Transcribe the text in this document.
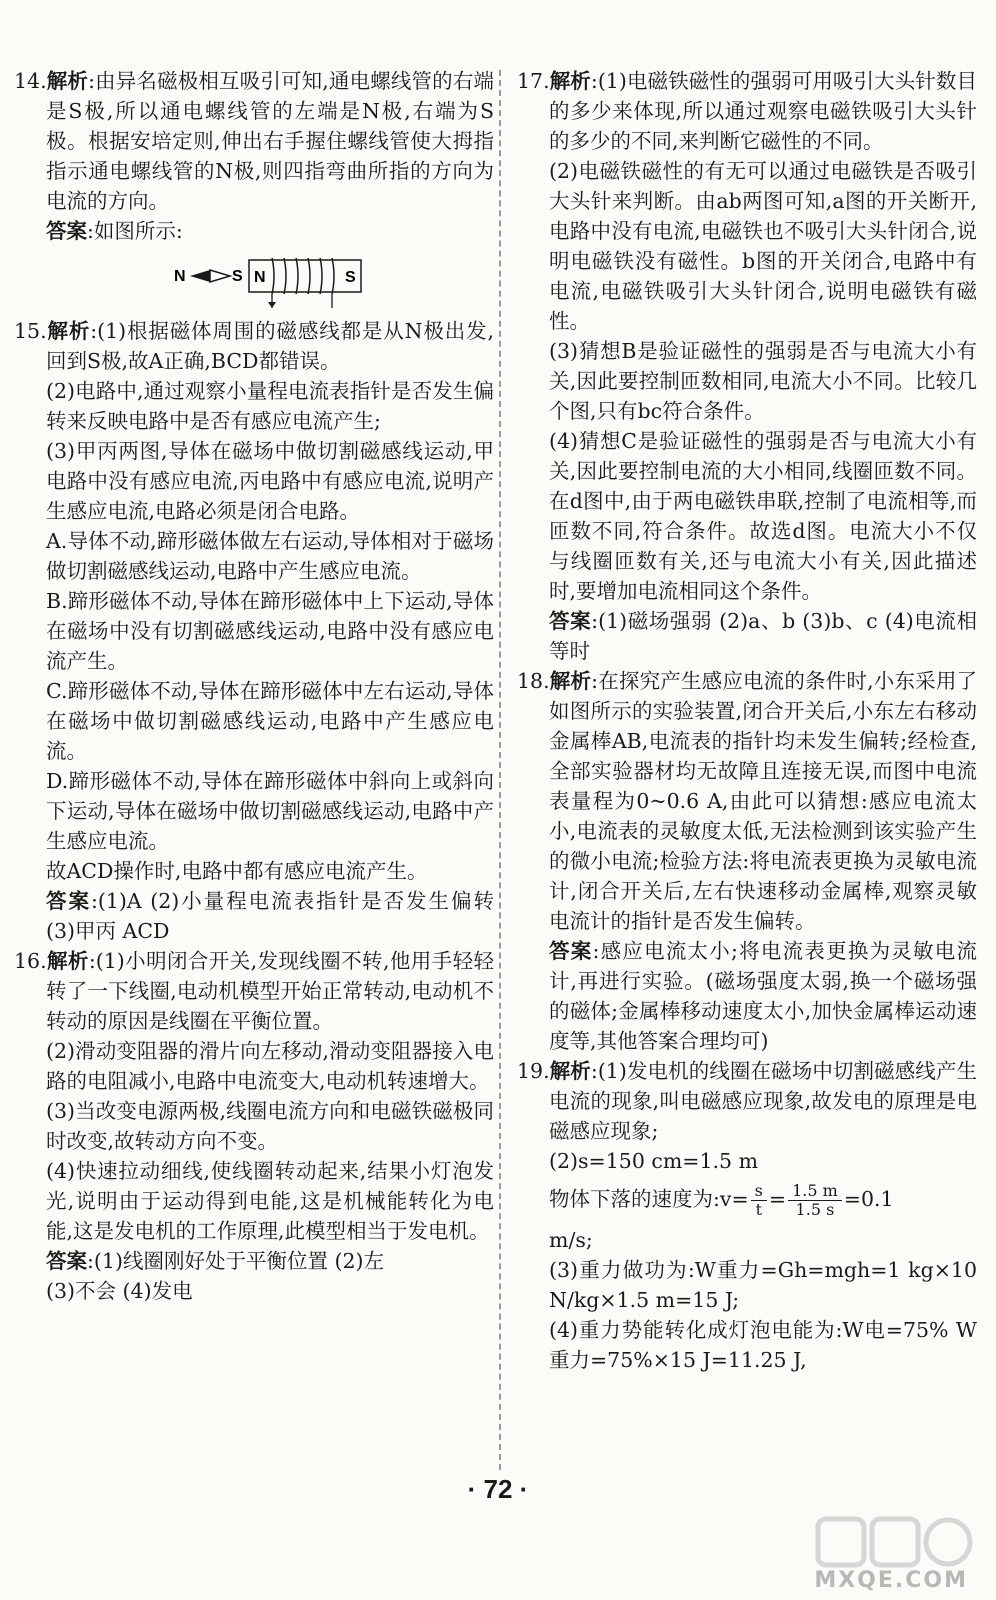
14.解析:由异名磁极相互吸引可知,通电螺线管的右端是S极,所以通电螺线管的左端是N极,右端为S极。根据安培定则,伸出右手握住螺线管使大拇指指示通电螺线管的N极,则四指弯曲所指的方向为电流的方向。

答案:如图所示:

N	S N	S

15.解析:(1)根据磁体周围的磁感线都是从N极出发,回到S极,故A正确,BCD都错误。

(2)电路中,通过观察小量程电流表指针是否发生偏转来反映电路中是否有感应电流产生;

(3)甲丙两图,导体在磁场中做切割磁感线运动,甲电路中没有感应电流,丙电路中有感应电流,说明产生感应电流,电路必须是闭合电路。

A.导体不动,蹄形磁体做左右运动,导体相对于磁场做切割磁感线运动,电路中产生感应电流。

B.蹄形磁体不动,导体在蹄形磁体中上下运动,导体在磁场中没有切割磁感线运动,电路中没有感应电流产生。

C.蹄形磁体不动,导体在蹄形磁体中左右运动,导体在磁场中做切割磁感线运动,电路中产生感应电流。

D.蹄形磁体不动,导体在蹄形磁体中斜向上或斜向下运动,导体在磁场中做切割磁感线运动,电路中产生感应电流。

故ACD操作时,电路中都有感应电流产生。

答案:(1)A (2)小量程电流表指针是否发生偏转 (3)甲丙 ACD

16.解析:(1)小明闭合开关,发现线圈不转,他用手轻轻转了一下线圈,电动机模型开始正常转动,电动机不转动的原因是线圈在平衡位置。

(2)滑动变阻器的滑片向左移动,滑动变阻器接入电路的电阻减小,电路中电流变大,电动机转速增大。

(3)当改变电源两极,线圈电流方向和电磁铁磁极同时改变,故转动方向不变。

(4)快速拉动细线,使线圈转动起来,结果小灯泡发光,说明由于运动得到电能,这是机械能转化为电能,这是发电机的工作原理,此模型相当于发电机。

答案:(1)线圈刚好处于平衡位置 (2)左

(3)不会 (4)发电

17.解析:(1)电磁铁磁性的强弱可用吸引大头针数目的多少来体现,所以通过观察电磁铁吸引大头针的多少的不同,来判断它磁性的不同。

(2)电磁铁磁性的有无可以通过电磁铁是否吸引大头针来判断。由ab两图可知,a图的开关断开,电路中没有电流,电磁铁也不吸引大头针闭合,说明电磁铁没有磁性。b图的开关闭合,电路中有电流,电磁铁吸引大头针闭合,说明电磁铁有磁性。

(3)猜想B是验证磁性的强弱是否与电流大小有关,因此要控制匝数相同,电流大小不同。比较几个图,只有bc符合条件。

(4)猜想C是验证磁性的强弱是否与电流大小有关,因此要控制电流的大小相同,线圈匝数不同。在d图中,由于两电磁铁串联,控制了电流相等,而匝数不同,符合条件。故选d图。电流大小不仅与线圈匝数有关,还与电流大小有关,因此描述时,要增加电流相同这个条件。

答案:(1)磁场强弱 (2)a、b (3)b、c (4)电流相等时

18.解析:在探究产生感应电流的条件时,小东采用了如图所示的实验装置,闭合开关后,小东左右移动金属棒AB,电流表的指针均未发生偏转;经检查,全部实验器材均无故障且连接无误,而图中电流表量程为0~0.6 A,由此可以猜想:感应电流太小,电流表的灵敏度太低,无法检测到该实验产生的微小电流;检验方法:将电流表更换为灵敏电流计,闭合开关后,左右快速移动金属棒,观察灵敏电流计的指针是否发生偏转。

答案:感应电流太小;将电流表更换为灵敏电流计,再进行实验。(磁场强度太弱,换一个磁场强的磁体;金属棒移动速度太小,加快金属棒运动速度等,其他答案合理均可)

19.解析:(1)发电机的线圈在磁场中切割磁感线产生电流的现象,叫电磁感应现象,故发电的原理是电磁感应现象;

(2)s=150 cm=1.5 m

物体下落的速度为:v= $\frac{s}{t} = \frac{1.5 m}{1.5 s} =0.1$

m/s;

(3)重力做功为:W重力=Gh=mgh=1 kg×10 N/kg×1.5 m=15 J;

(4)重力势能转化成灯泡电能为:W电=75% W重力=75%×15 J=11.25 J,

· 72 ·
MXQE.COM
